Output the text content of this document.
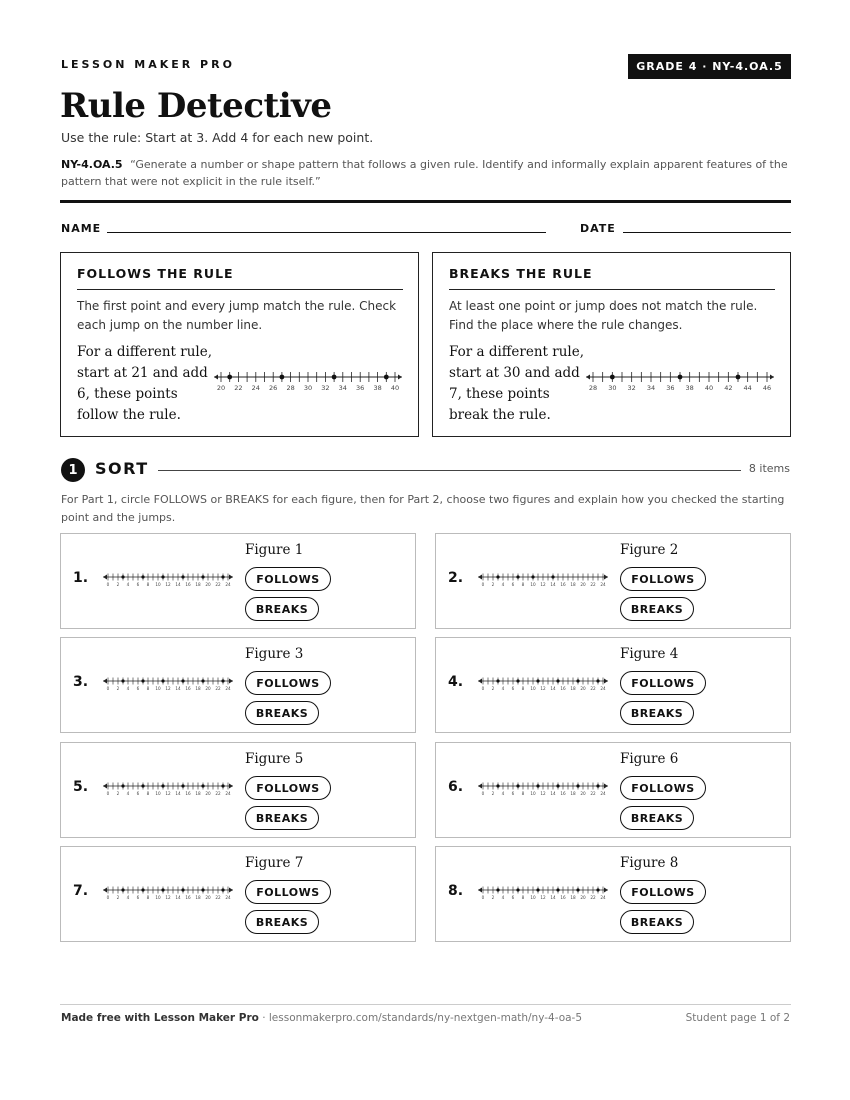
LESSON MAKER PRO	GRADE 4 · NY-4.OA.5
Rule Detective
Use the rule: Start at 3. Add 4 for each new point.
NY-4.OA.5 “Generate a number or shape pattern that follows a given rule. Identify and informally explain apparent features of the pattern that were not explicit in the rule itself.”
NAME	DATE
FOLLOWS THE RULE
The first point and every jump match the rule. Check each jump on the number line.
For a different rule, start at 21 and add 6, these points follow the rule.
20 22 24 26 28 30 32 34 36 38 40
BREAKS THE RULE
At least one point or jump does not match the rule. Find the place where the rule changes.
For a different rule, start at 30 and add 7, these points break the rule.
28 30 32 34 36 38 40 42 44 46
1	SORT	8 items
For Part 1, circle FOLLOWS or BREAKS for each figure, then for Part 2, choose two figures and explain how you checked the starting point and the jumps.
1.	0 2 4 6 8 10 12 14 16 18 20 22 24
Figure 1
FOLLOWS
BREAKS
2.	0 2 4 6 8 10 12 14 16 18 20 22 24
Figure 2
FOLLOWS
BREAKS
3.	0 2 4 6 8 10 12 14 16 18 20 22 24
Figure 3
FOLLOWS
BREAKS
4.	0 2 4 6 8 10 12 14 16 18 20 22 24
Figure 4
FOLLOWS
BREAKS
5.	0 2 4 6 8 10 12 14 16 18 20 22 24
Figure 5
FOLLOWS
BREAKS
6.	0 2 4 6 8 10 12 14 16 18 20 22 24
Figure 6
FOLLOWS
BREAKS
7.	0 2 4 6 8 10 12 14 16 18 20 22 24
Figure 7
FOLLOWS
BREAKS
8.	0 2 4 6 8 10 12 14 16 18 20 22 24
Figure 8
FOLLOWS
BREAKS
Made free with Lesson Maker Pro · lessonmakerpro.com/standards/ny-nextgen-math/ny-4-oa-5	Student page 1 of 2
